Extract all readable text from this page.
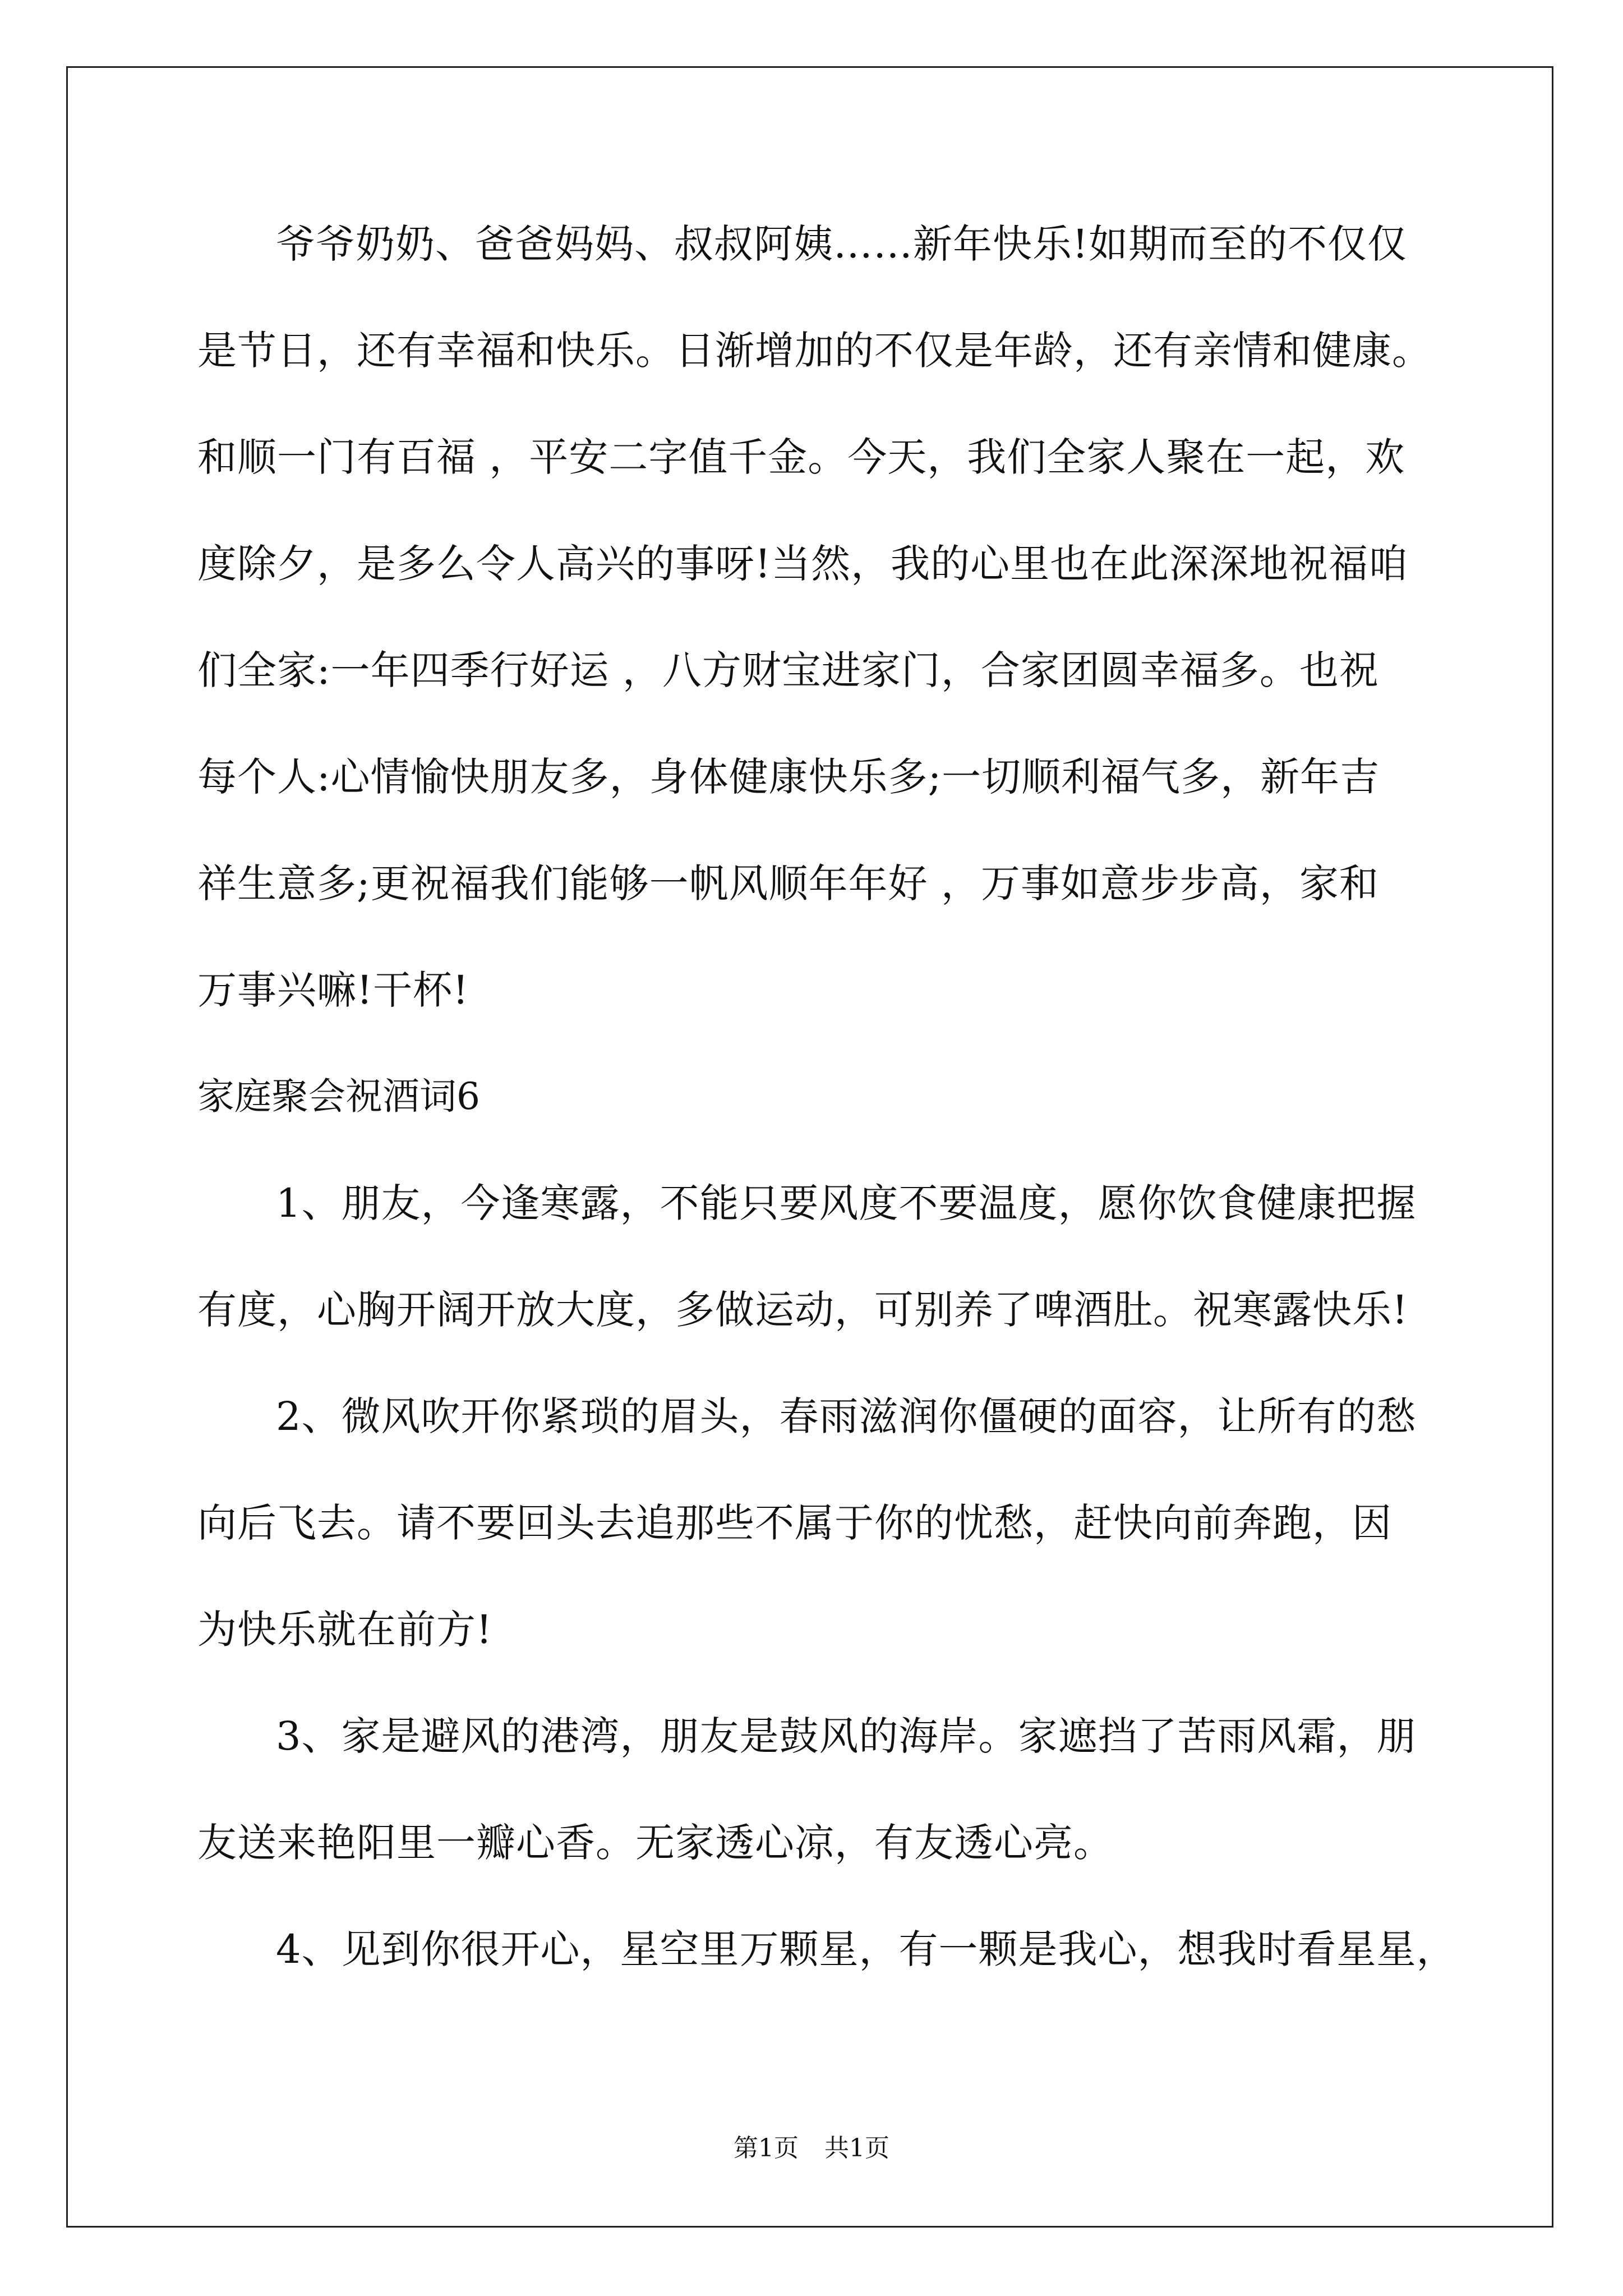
爷爷奶奶、爸爸妈妈、叔叔阿姨……新年快乐!如期而至的不仅仅
是节日，还有幸福和快乐。日渐增加的不仅是年龄，还有亲情和健康。
和顺一门有百福 ，平安二字值千金。今天，我们全家人聚在一起，欢
度除夕，是多么令人高兴的事呀!当然，我的心里也在此深深地祝福咱
们全家:一年四季行好运 ，八方财宝进家门，合家团圆幸福多。也祝
每个人:心情愉快朋友多，身体健康快乐多;一切顺利福气多，新年吉
祥生意多;更祝福我们能够一帆风顺年年好 ，万事如意步步高，家和
万事兴嘛!干杯!
家庭聚会祝酒词6
1、朋友，今逢寒露，不能只要风度不要温度，愿你饮食健康把握
有度，心胸开阔开放大度，多做运动，可别养了啤酒肚。祝寒露快乐!
2、微风吹开你紧琐的眉头，春雨滋润你僵硬的面容，让所有的愁
向后飞去。请不要回头去追那些不属于你的忧愁，赶快向前奔跑，因
为快乐就在前方!
3、家是避风的港湾，朋友是鼓风的海岸。家遮挡了苦雨风霜，朋
友送来艳阳里一瓣心香。无家透心凉，有友透心亮。
4、见到你很开心，星空里万颗星，有一颗是我心，想我时看星星，
第1页 共1页
